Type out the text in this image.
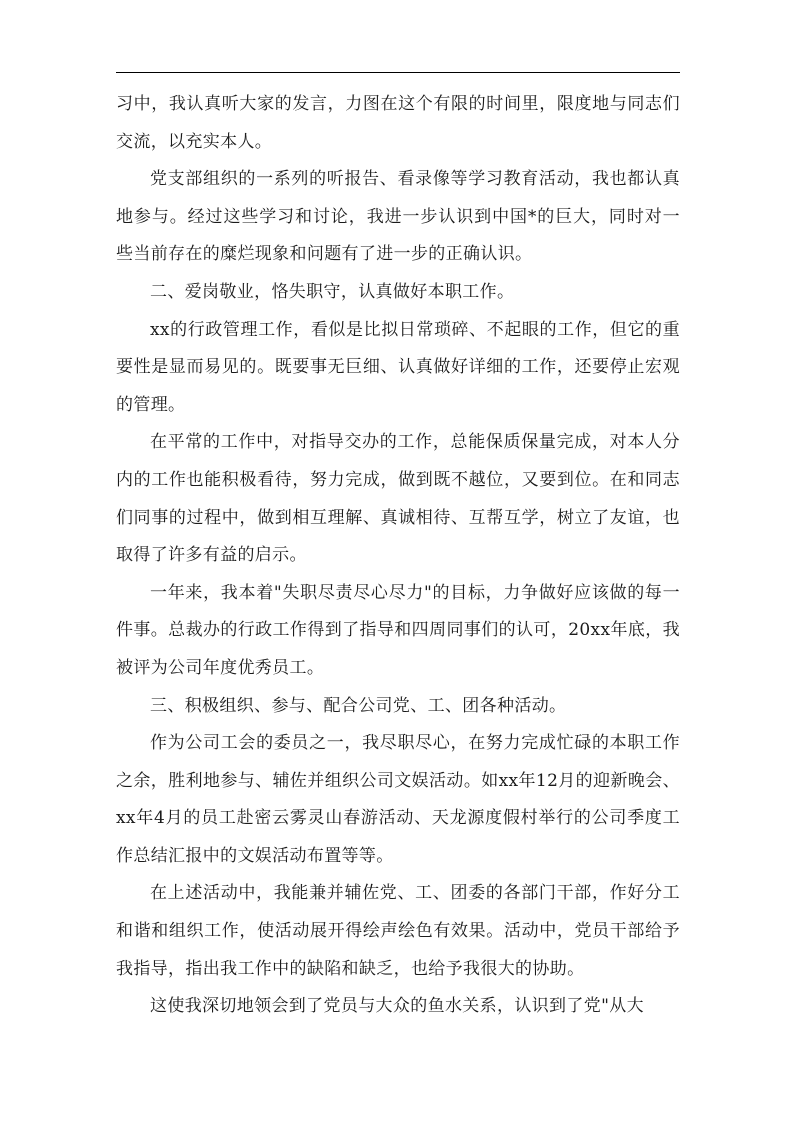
习中，我认真听大家的发言，力图在这个有限的时间里，限度地与同志们交流，以充实本人。

党支部组织的一系列的听报告、看录像等学习教育活动，我也都认真地参与。经过这些学习和讨论，我进一步认识到中国*的巨大，同时对一些当前存在的糜烂现象和问题有了进一步的正确认识。

二、爱岗敬业，恪失职守，认真做好本职工作。

xx的行政管理工作，看似是比拟日常琐碎、不起眼的工作，但它的重要性是显而易见的。既要事无巨细、认真做好详细的工作，还要停止宏观的管理。

在平常的工作中，对指导交办的工作，总能保质保量完成，对本人分内的工作也能积极看待，努力完成，做到既不越位，又要到位。在和同志们同事的过程中，做到相互理解、真诚相待、互帮互学，树立了友谊，也取得了许多有益的启示。

一年来，我本着"失职尽责尽心尽力"的目标，力争做好应该做的每一件事。总裁办的行政工作得到了指导和四周同事们的认可，20xx年底，我被评为公司年度优秀员工。

三、积极组织、参与、配合公司党、工、团各种活动。

作为公司工会的委员之一，我尽职尽心，在努力完成忙碌的本职工作之余，胜利地参与、辅佐并组织公司文娱活动。如xx年12月的迎新晚会、xx年4月的员工赴密云雾灵山春游活动、天龙源度假村举行的公司季度工作总结汇报中的文娱活动布置等等。

在上述活动中，我能兼并辅佐党、工、团委的各部门干部，作好分工和谐和组织工作，使活动展开得绘声绘色有效果。活动中，党员干部给予我指导，指出我工作中的缺陷和缺乏，也给予我很大的协助。

这使我深切地领会到了党员与大众的鱼水关系，认识到了党"从大
